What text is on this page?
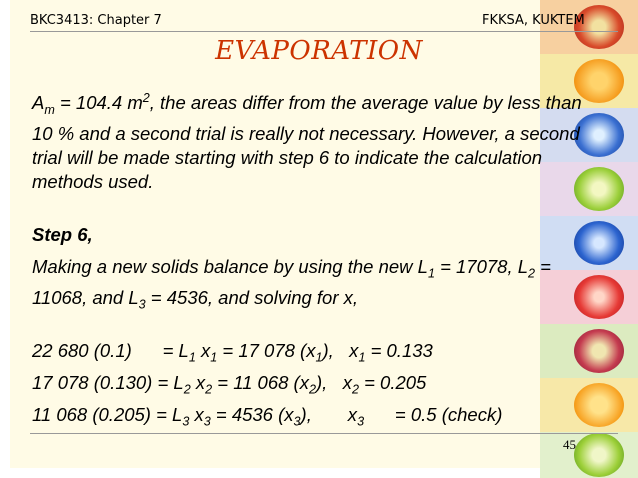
BKC3413: Chapter 7	FKKSA, KUKTEM
EVAPORATION
$A_m = 104.4$ $m^2$, the areas differ from the average value by less than 10 % and a second trial is really not necessary. However, a second trial will be made starting with step 6 to indicate the calculation methods used.
Step 6,
Making a new solids balance by using the new $L_1 = 17078$, $L_2 = 11068$, and $L_3 = 4536$, and solving for x,
22 680 (0.1)      = $L_1$ $x_1 = 17$ 078 $(x_1)$,   $x_1 = 0.133$
17 078 $(0.130) = L_2$ $x_2 = 11$ 068 $(x_2)$,   $x_2 = 0.205$
11 068 $(0.205) = L_3$ $x_3 = 4536$ $(x_3)$,       $x_3$      = 0.5 (check)
45
